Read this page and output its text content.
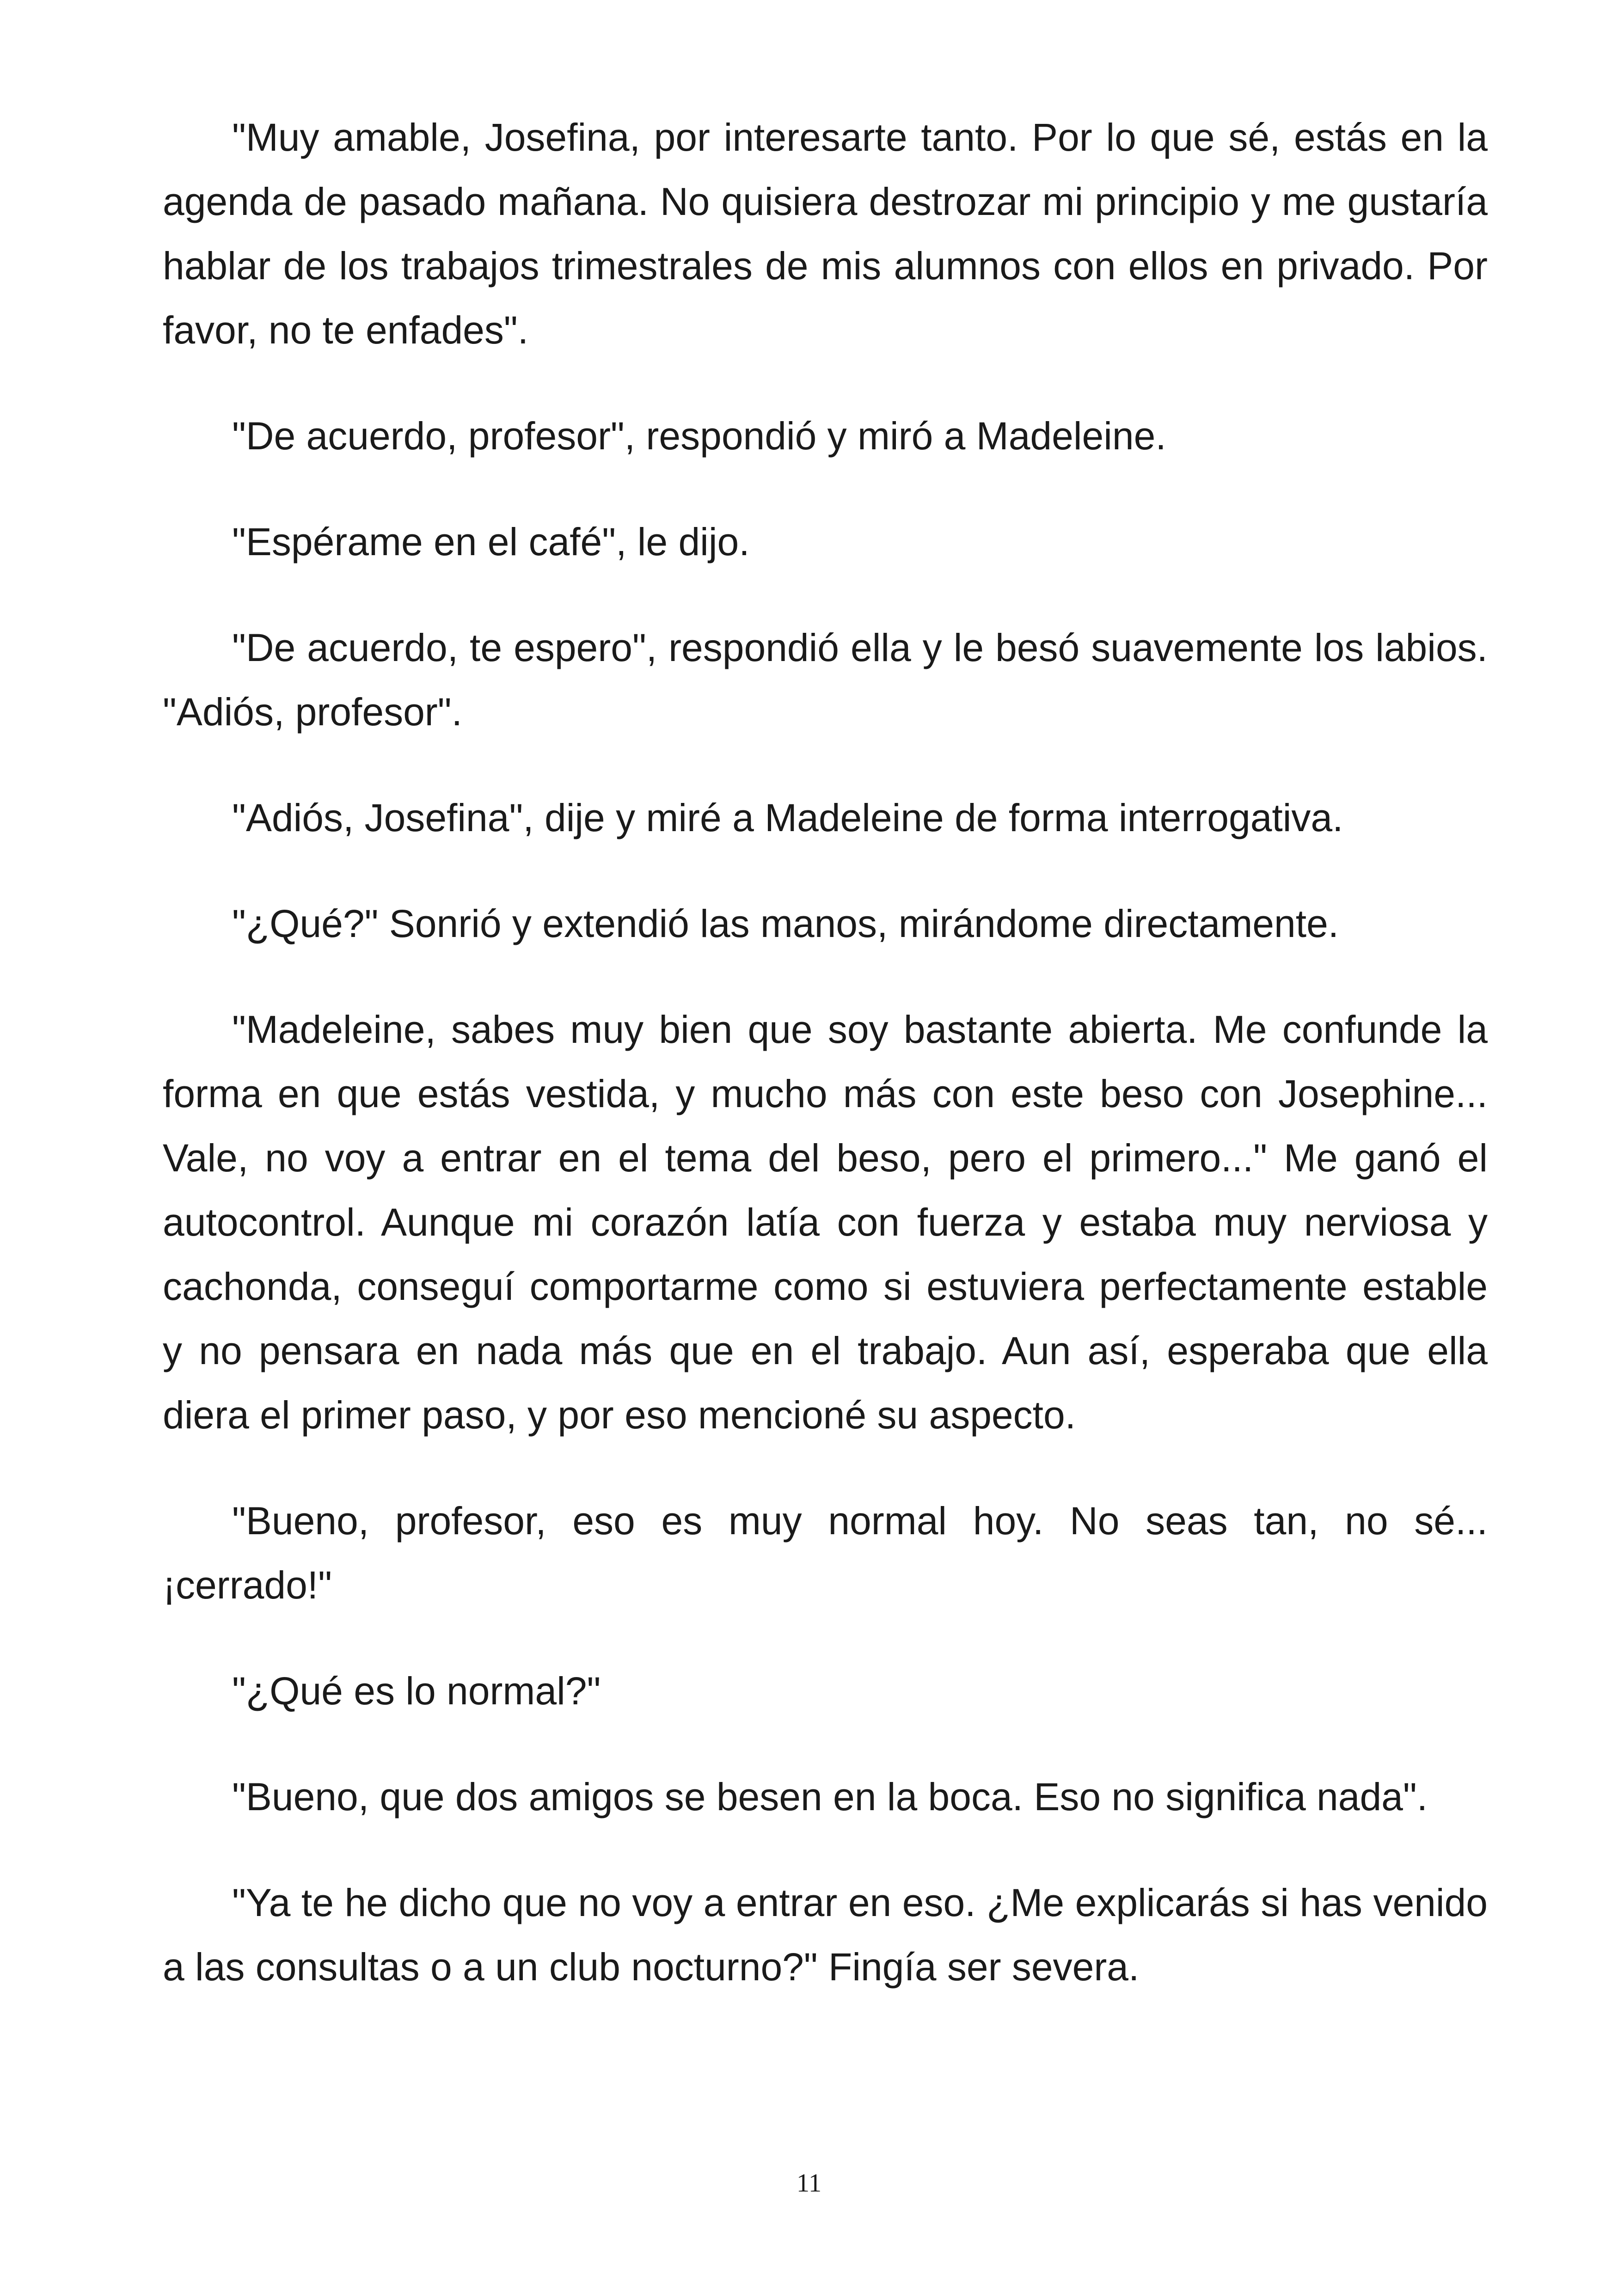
"Muy amable, Josefina, por interesarte tanto. Por lo que sé, estás en la agenda de pasado mañana. No quisiera destrozar mi principio y me gustaría hablar de los trabajos trimestrales de mis alumnos con ellos en privado. Por favor, no te enfades".

"De acuerdo, profesor", respondió y miró a Madeleine.

"Espérame en el café", le dijo.

"De acuerdo, te espero", respondió ella y le besó suavemente los labios. "Adiós, profesor".

"Adiós, Josefina", dije y miré a Madeleine de forma interrogativa.

"¿Qué?" Sonrió y extendió las manos, mirándome directamente.

"Madeleine, sabes muy bien que soy bastante abierta. Me confunde la forma en que estás vestida, y mucho más con este beso con Josephine... Vale, no voy a entrar en el tema del beso, pero el primero..." Me ganó el autocontrol. Aunque mi corazón latía con fuerza y estaba muy nerviosa y cachonda, conseguí comportarme como si estuviera perfectamente estable y no pensara en nada más que en el trabajo. Aun así, esperaba que ella diera el primer paso, y por eso mencioné su aspecto.

"Bueno, profesor, eso es muy normal hoy. No seas tan, no sé... ¡cerrado!"

"¿Qué es lo normal?"

"Bueno, que dos amigos se besen en la boca. Eso no significa nada".

"Ya te he dicho que no voy a entrar en eso. ¿Me explicarás si has venido a las consultas o a un club nocturno?" Fingía ser severa.

11
